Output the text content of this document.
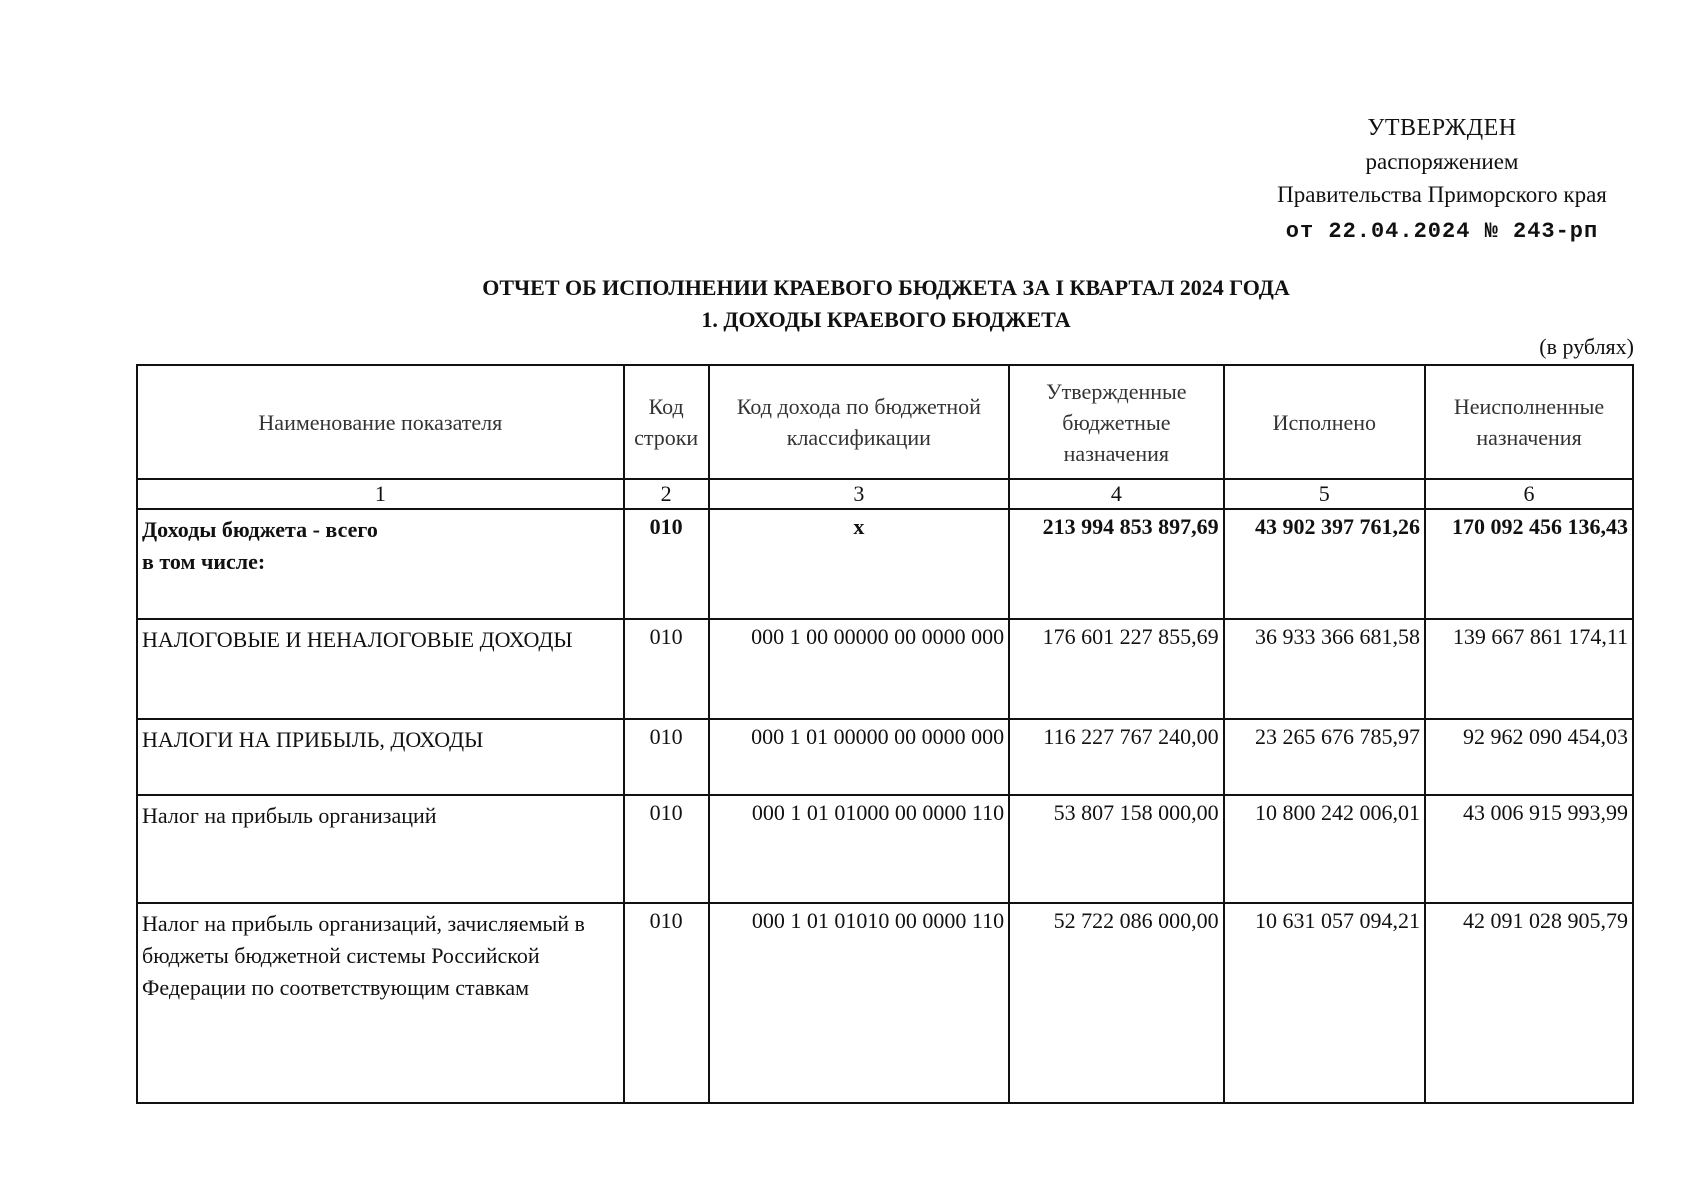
УТВЕРЖДЕН
распоряжением
Правительства Приморского края
от 22.04.2024 № 243-рп
ОТЧЕТ ОБ ИСПОЛНЕНИИ КРАЕВОГО БЮДЖЕТА ЗА I КВАРТАЛ 2024 ГОДА
1. ДОХОДЫ КРАЕВОГО БЮДЖЕТА
(в рублях)
Наименование показателя	Код строки	Код дохода по бюджетной классификации	Утвержденные бюджетные назначения	Исполнено	Неисполненные назначения
1	2	3	4	5	6

Доходы бюджета - всего
в том числе:	010	x	213 994 853 897,69	43 902 397 761,26	170 092 456 136,43
НАЛОГОВЫЕ И НЕНАЛОГОВЫЕ ДОХОДЫ	010	000 1 00 00000 00 0000 000	176 601 227 855,69	36 933 366 681,58	139 667 861 174,11
НАЛОГИ НА ПРИБЫЛЬ, ДОХОДЫ	010	000 1 01 00000 00 0000 000	116 227 767 240,00	23 265 676 785,97	92 962 090 454,03
Налог на прибыль организаций	010	000 1 01 01000 00 0000 110	53 807 158 000,00	10 800 242 006,01	43 006 915 993,99
Налог на прибыль организаций, зачисляемый в бюджеты бюджетной системы Российской Федерации по соответствующим ставкам	010	000 1 01 01010 00 0000 110	52 722 086 000,00	10 631 057 094,21	42 091 028 905,79
